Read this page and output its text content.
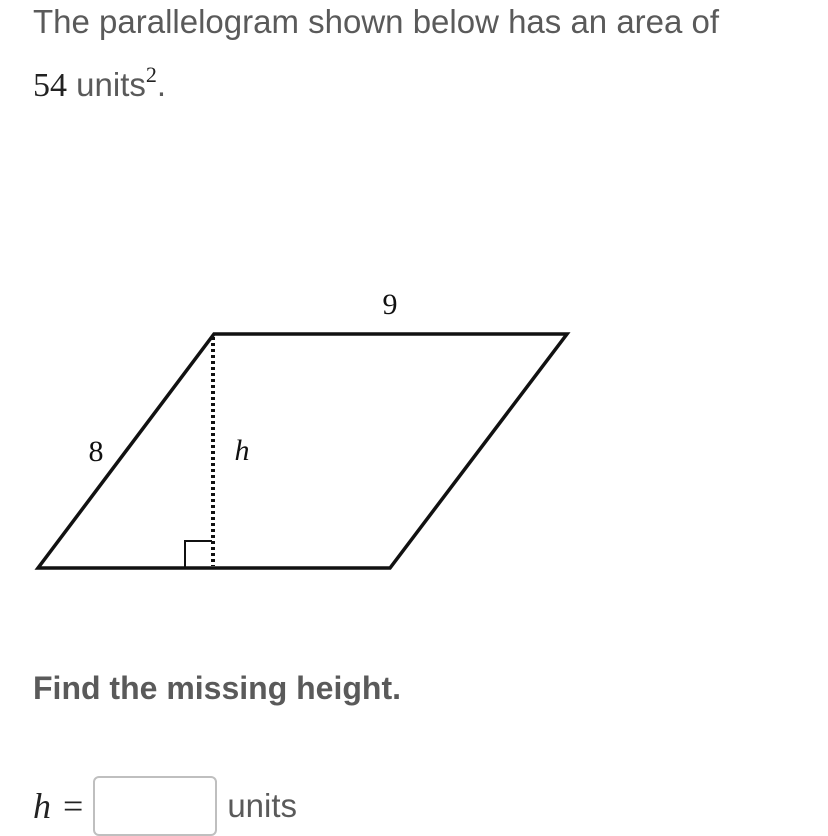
The parallelogram shown below has an area of
54 units$^2$.
9
8	h
Find the missing height.
h =	units
